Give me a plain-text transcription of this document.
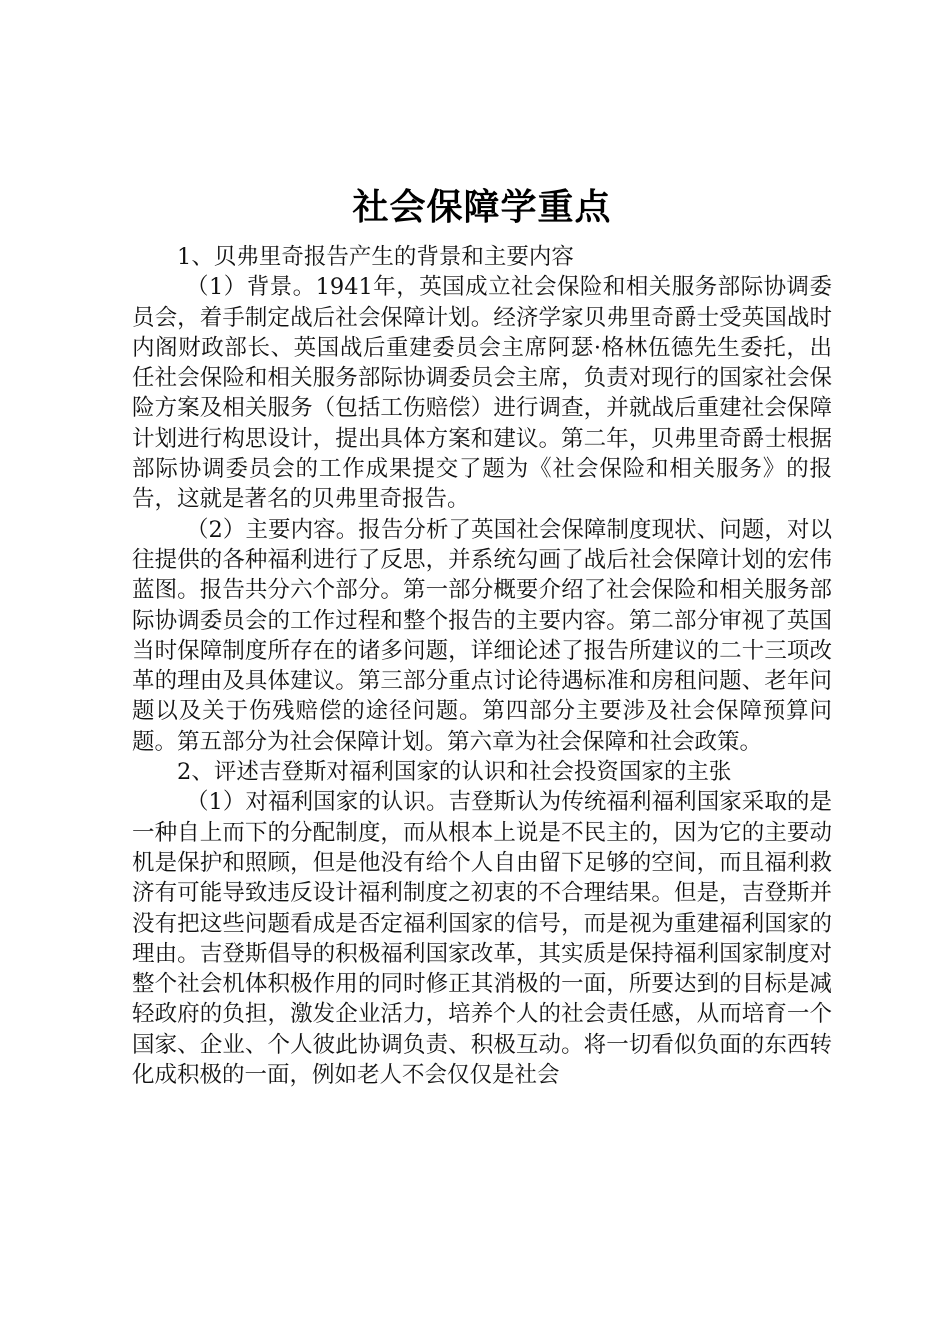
社会保障学重点

1、贝弗里奇报告产生的背景和主要内容

（1）背景。1941年，英国成立社会保险和相关服务部际协调委员会，着手制定战后社会保障计划。经济学家贝弗里奇爵士受英国战时内阁财政部长、英国战后重建委员会主席阿瑟·格林伍德先生委托，出任社会保险和相关服务部际协调委员会主席，负责对现行的国家社会保险方案及相关服务（包括工伤赔偿）进行调查，并就战后重建社会保障计划进行构思设计，提出具体方案和建议。第二年，贝弗里奇爵士根据部际协调委员会的工作成果提交了题为《社会保险和相关服务》的报告，这就是著名的贝弗里奇报告。

（2）主要内容。报告分析了英国社会保障制度现状、问题，对以往提供的各种福利进行了反思，并系统勾画了战后社会保障计划的宏伟蓝图。报告共分六个部分。第一部分概要介绍了社会保险和相关服务部际协调委员会的工作过程和整个报告的主要内容。第二部分审视了英国当时保障制度所存在的诸多问题，详细论述了报告所建议的二十三项改革的理由及具体建议。第三部分重点讨论待遇标准和房租问题、老年问题以及关于伤残赔偿的途径问题。第四部分主要涉及社会保障预算问题。第五部分为社会保障计划。第六章为社会保障和社会政策。

2、评述吉登斯对福利国家的认识和社会投资国家的主张

（1）对福利国家的认识。吉登斯认为传统福利福利国家采取的是一种自上而下的分配制度，而从根本上说是不民主的，因为它的主要动机是保护和照顾，但是他没有给个人自由留下足够的空间，而且福利救济有可能导致违反设计福利制度之初衷的不合理结果。但是，吉登斯并没有把这些问题看成是否定福利国家的信号，而是视为重建福利国家的理由。吉登斯倡导的积极福利国家改革，其实质是保持福利国家制度对整个社会机体积极作用的同时修正其消极的一面，所要达到的目标是减轻政府的负担，激发企业活力，培养个人的社会责任感，从而培育一个国家、企业、个人彼此协调负责、积极互动。将一切看似负面的东西转化成积极的一面，例如老人不会仅仅是社会
